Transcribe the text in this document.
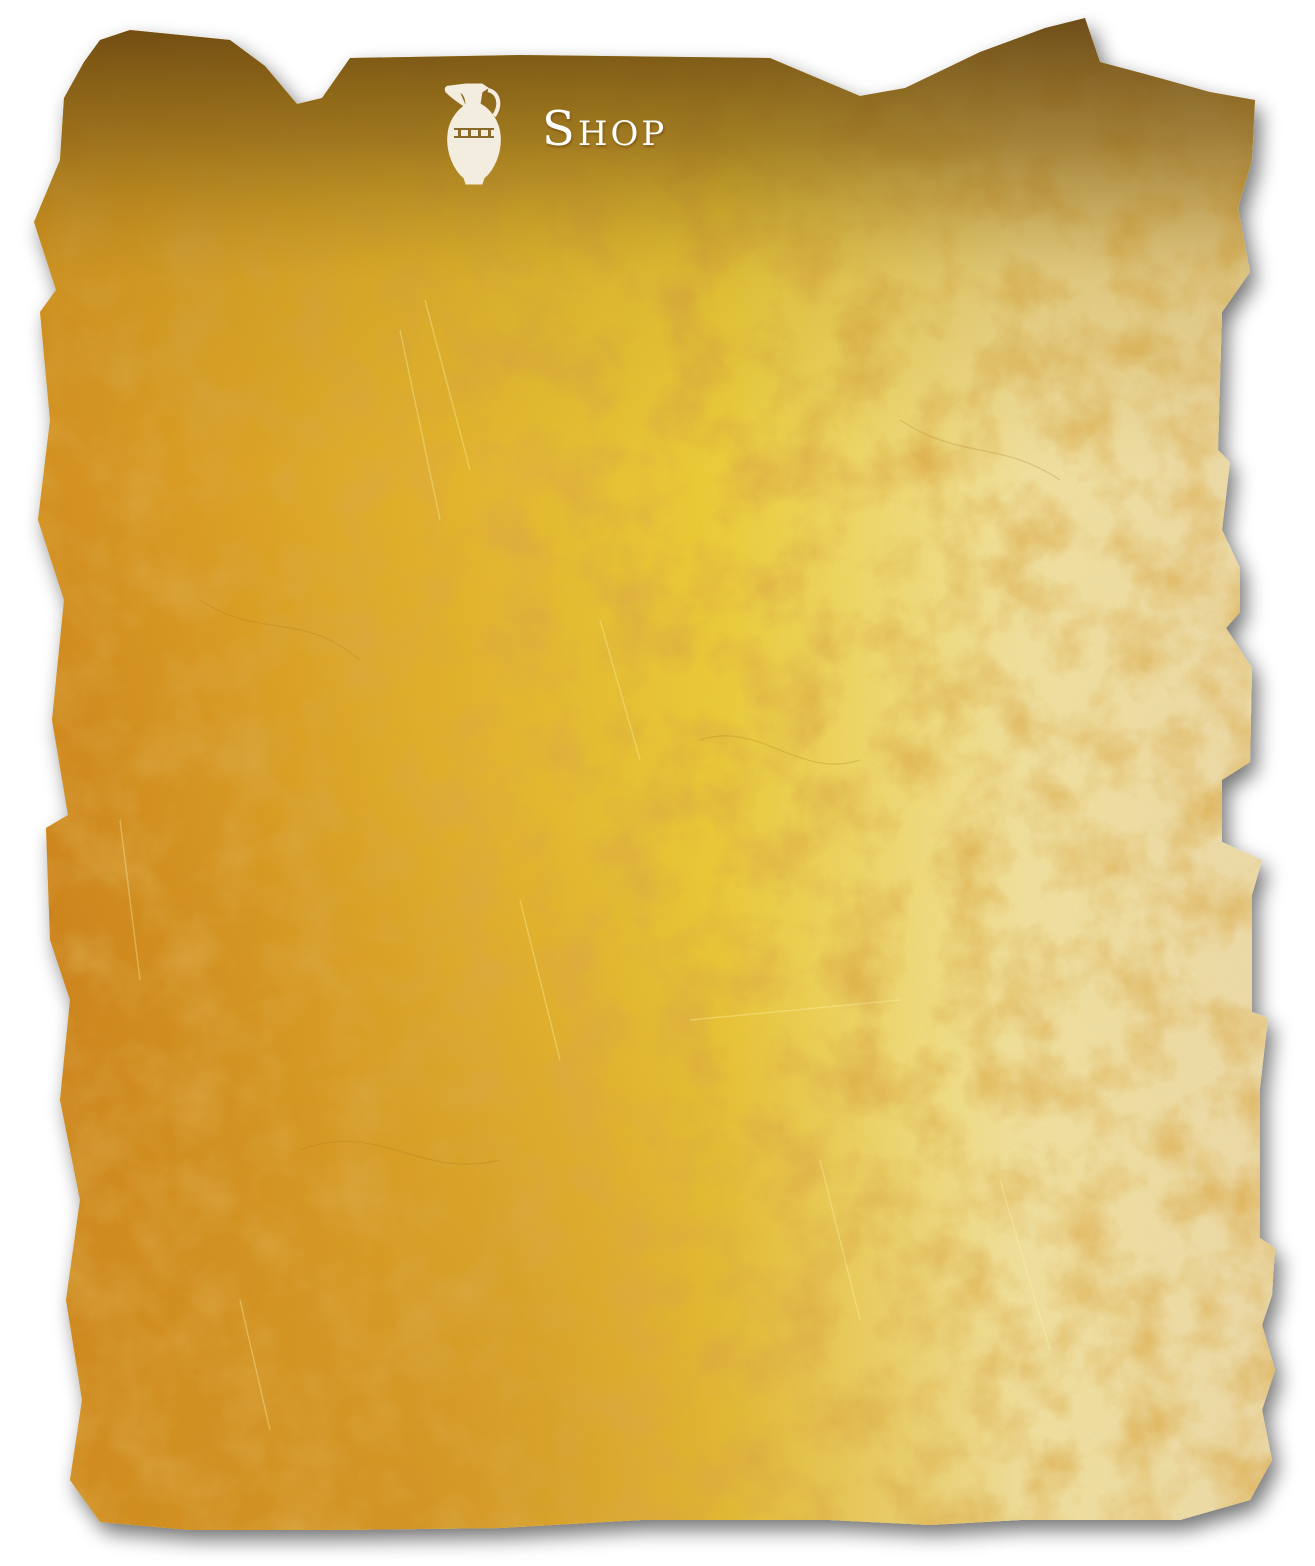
Shop
